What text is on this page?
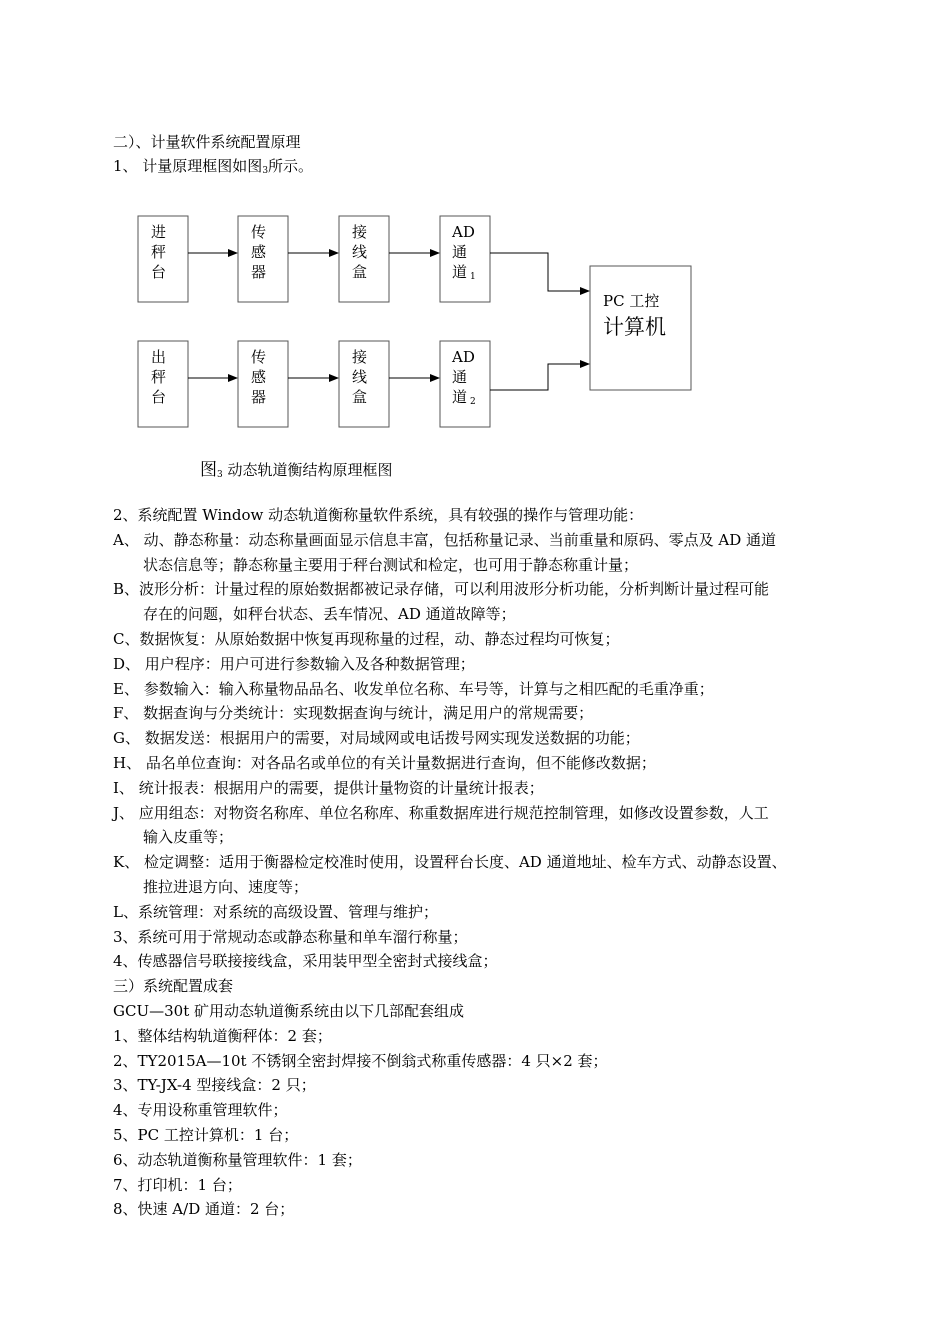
二）、计量软件系统配置原理
1、 计量原理框图如图$_3$所示。
进
秤
台
传
感
器
接
线
盒
AD
通
道 1
出
秤
台
传
感
器
接
线
盒
AD
通
道 2
PC 工控
计算机
图$_3$ 动态轨道衡结构原理框图
2、系统配置 Window 动态轨道衡称量软件系统，具有较强的操作与管理功能：
A、 动、静态称量：动态称量画面显示信息丰富，包括称量记录、当前重量和原码、零点及 AD 通道
状态信息等；静态称量主要用于秤台测试和检定，也可用于静态称重计量；
B、波形分析：计量过程的原始数据都被记录存储，可以利用波形分析功能，分析判断计量过程可能
存在的问题，如秤台状态、丢车情况、AD 通道故障等；
C、数据恢复：从原始数据中恢复再现称量的过程，动、静态过程均可恢复；
D、 用户程序：用户可进行参数输入及各种数据管理；
E、 参数输入：输入称量物品品名、收发单位名称、车号等，计算与之相匹配的毛重净重；
F、 数据查询与分类统计：实现数据查询与统计，满足用户的常规需要；
G、 数据发送：根据用户的需要，对局域网或电话拨号网实现发送数据的功能；
H、 品名单位查询：对各品名或单位的有关计量数据进行查询，但不能修改数据；
I、 统计报表：根据用户的需要，提供计量物资的计量统计报表；
J、 应用组态：对物资名称库、单位名称库、称重数据库进行规范控制管理，如修改设置参数，人工
输入皮重等；
K、 检定调整：适用于衡器检定校准时使用，设置秤台长度、AD 通道地址、检车方式、动静态设置、
推拉进退方向、速度等；
L、系统管理：对系统的高级设置、管理与维护；
3、系统可用于常规动态或静态称量和单车溜行称量；
4、传感器信号联接接线盒，采用装甲型全密封式接线盒；
三）系统配置成套
GCU—30t 矿用动态轨道衡系统由以下几部配套组成
1、整体结构轨道衡秤体：2 套；
2、TY2015A—10t 不锈钢全密封焊接不倒翁式称重传感器：4 只×2 套；
3、TY-JX-4 型接线盒：2 只；
4、专用设称重管理软件；
5、PC 工控计算机：1 台；
6、动态轨道衡称量管理软件：1 套；
7、打印机：1 台；
8、快速 A/D 通道：2 台；
